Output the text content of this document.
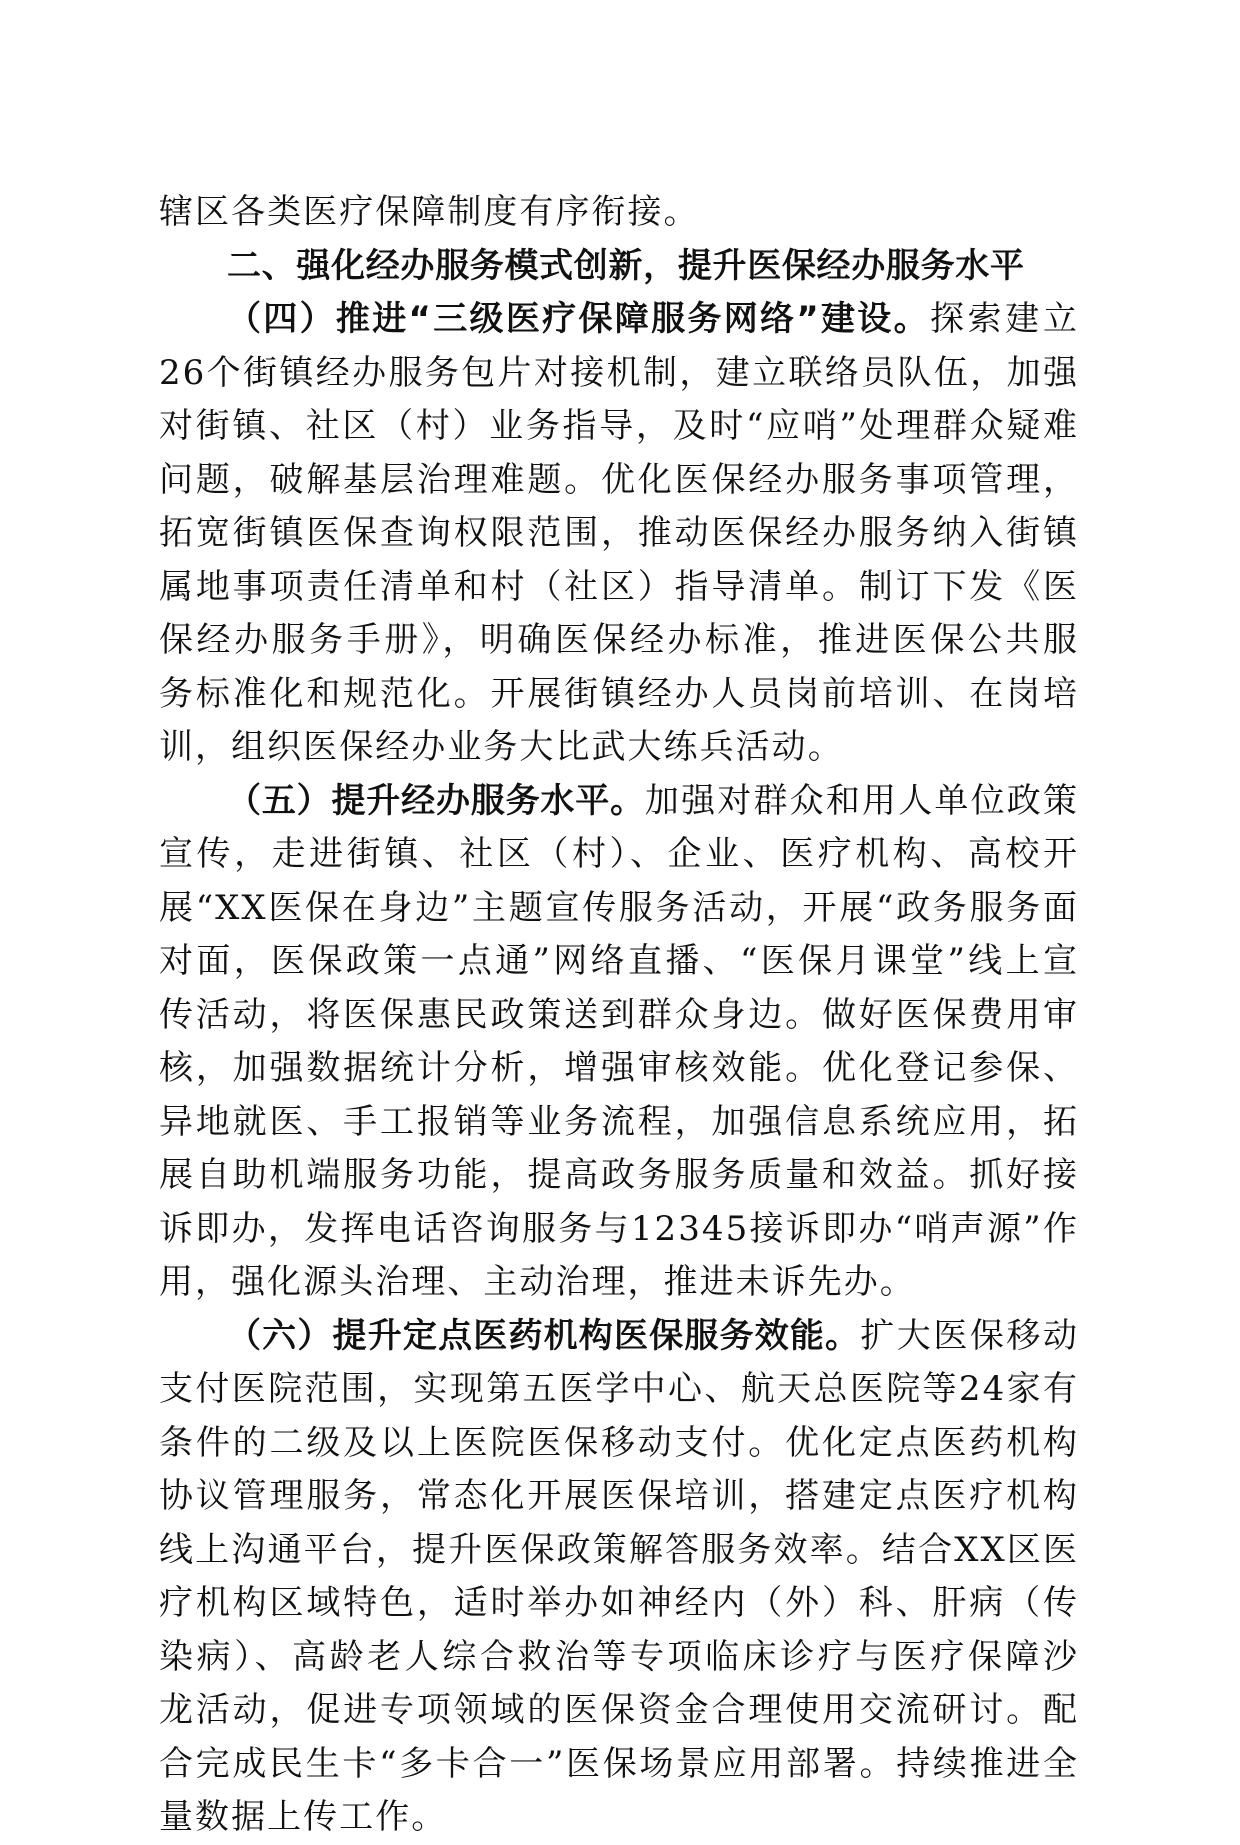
辖区各类医疗保障制度有序衔接。

二、强化经办服务模式创新，提升医保经办服务水平

（四）推进“三级医疗保障服务网络”建设。探索建立26个街镇经办服务包片对接机制，建立联络员队伍，加强对街镇、社区（村）业务指导，及时“应哨”处理群众疑难问题，破解基层治理难题。优化医保经办服务事项管理，拓宽街镇医保查询权限范围，推动医保经办服务纳入街镇属地事项责任清单和村（社区）指导清单。制订下发《医保经办服务手册》，明确医保经办标准，推进医保公共服务标准化和规范化。开展街镇经办人员岗前培训、在岗培训，组织医保经办业务大比武大练兵活动。

（五）提升经办服务水平。加强对群众和用人单位政策宣传，走进街镇、社区（村）、企业、医疗机构、高校开展“XX医保在身边”主题宣传服务活动，开展“政务服务面对面，医保政策一点通”网络直播、“医保月课堂”线上宣传活动，将医保惠民政策送到群众身边。做好医保费用审核，加强数据统计分析，增强审核效能。优化登记参保、异地就医、手工报销等业务流程，加强信息系统应用，拓展自助机端服务功能，提高政务服务质量和效益。抓好接诉即办，发挥电话咨询服务与12345接诉即办“哨声源”作用，强化源头治理、主动治理，推进未诉先办。

（六）提升定点医药机构医保服务效能。扩大医保移动支付医院范围，实现第五医学中心、航天总医院等24家有条件的二级及以上医院医保移动支付。优化定点医药机构协议管理服务，常态化开展医保培训，搭建定点医疗机构线上沟通平台，提升医保政策解答服务效率。结合XX区医疗机构区域特色，适时举办如神经内（外）科、肝病（传染病）、高龄老人综合救治等专项临床诊疗与医疗保障沙龙活动，促进专项领域的医保资金合理使用交流研讨。配合完成民生卡“多卡合一”医保场景应用部署。持续推进全量数据上传工作。
